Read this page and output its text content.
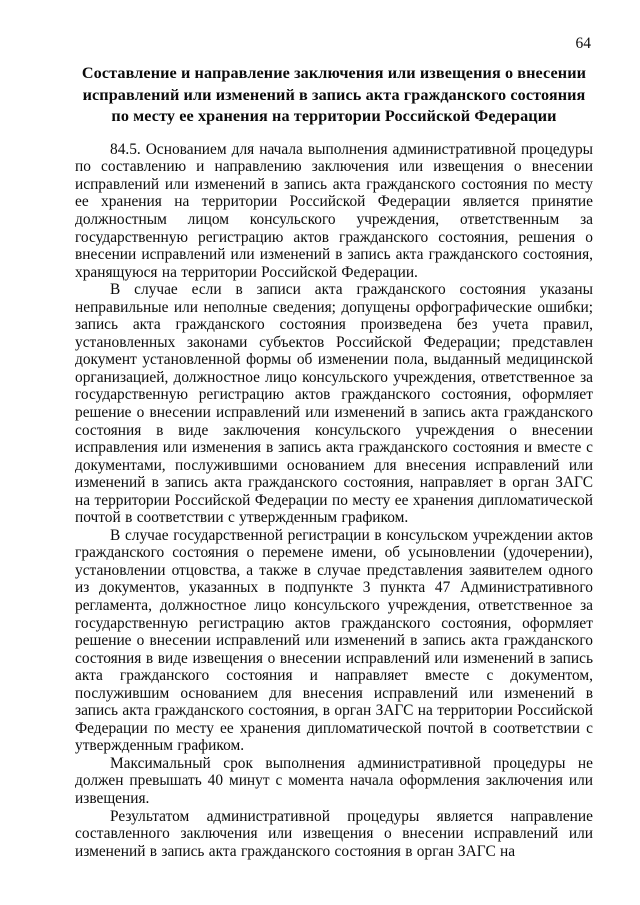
64
Составление и направление заключения или извещения о внесении исправлений или изменений в запись акта гражданского состояния по месту ее хранения на территории Российской Федерации

84.5. Основанием для начала выполнения административной процедуры по составлению и направлению заключения или извещения о внесении исправлений или изменений в запись акта гражданского состояния по месту ее хранения на территории Российской Федерации является принятие должностным лицом консульского учреждения, ответственным за государственную регистрацию актов гражданского состояния, решения о внесении исправлений или изменений в запись акта гражданского состояния, хранящуюся на территории Российской Федерации.

В случае если в записи акта гражданского состояния указаны неправильные или неполные сведения; допущены орфографические ошибки; запись акта гражданского состояния произведена без учета правил, установленных законами субъектов Российской Федерации; представлен документ установленной формы об изменении пола, выданный медицинской организацией, должностное лицо консульского учреждения, ответственное за государственную регистрацию актов гражданского состояния, оформляет решение о внесении исправлений или изменений в запись акта гражданского состояния в виде заключения консульского учреждения о внесении исправления или изменения в запись акта гражданского состояния и вместе с документами, послужившими основанием для внесения исправлений или изменений в запись акта гражданского состояния, направляет в орган ЗАГС на территории Российской Федерации по месту ее хранения дипломатической почтой в соответствии с утвержденным графиком.

В случае государственной регистрации в консульском учреждении актов гражданского состояния о перемене имени, об усыновлении (удочерении), установлении отцовства, а также в случае представления заявителем одного из документов, указанных в подпункте 3 пункта 47 Административного регламента, должностное лицо консульского учреждения, ответственное за государственную регистрацию актов гражданского состояния, оформляет решение о внесении исправлений или изменений в запись акта гражданского состояния в виде извещения о внесении исправлений или изменений в запись акта гражданского состояния и направляет вместе с документом, послужившим основанием для внесения исправлений или изменений в запись акта гражданского состояния, в орган ЗАГС на территории Российской Федерации по месту ее хранения дипломатической почтой в соответствии с утвержденным графиком.

Максимальный срок выполнения административной процедуры не должен превышать 40 минут с момента начала оформления заключения или извещения.

Результатом административной процедуры является направление составленного заключения или извещения о внесении исправлений или изменений в запись акта гражданского состояния в орган ЗАГС на
